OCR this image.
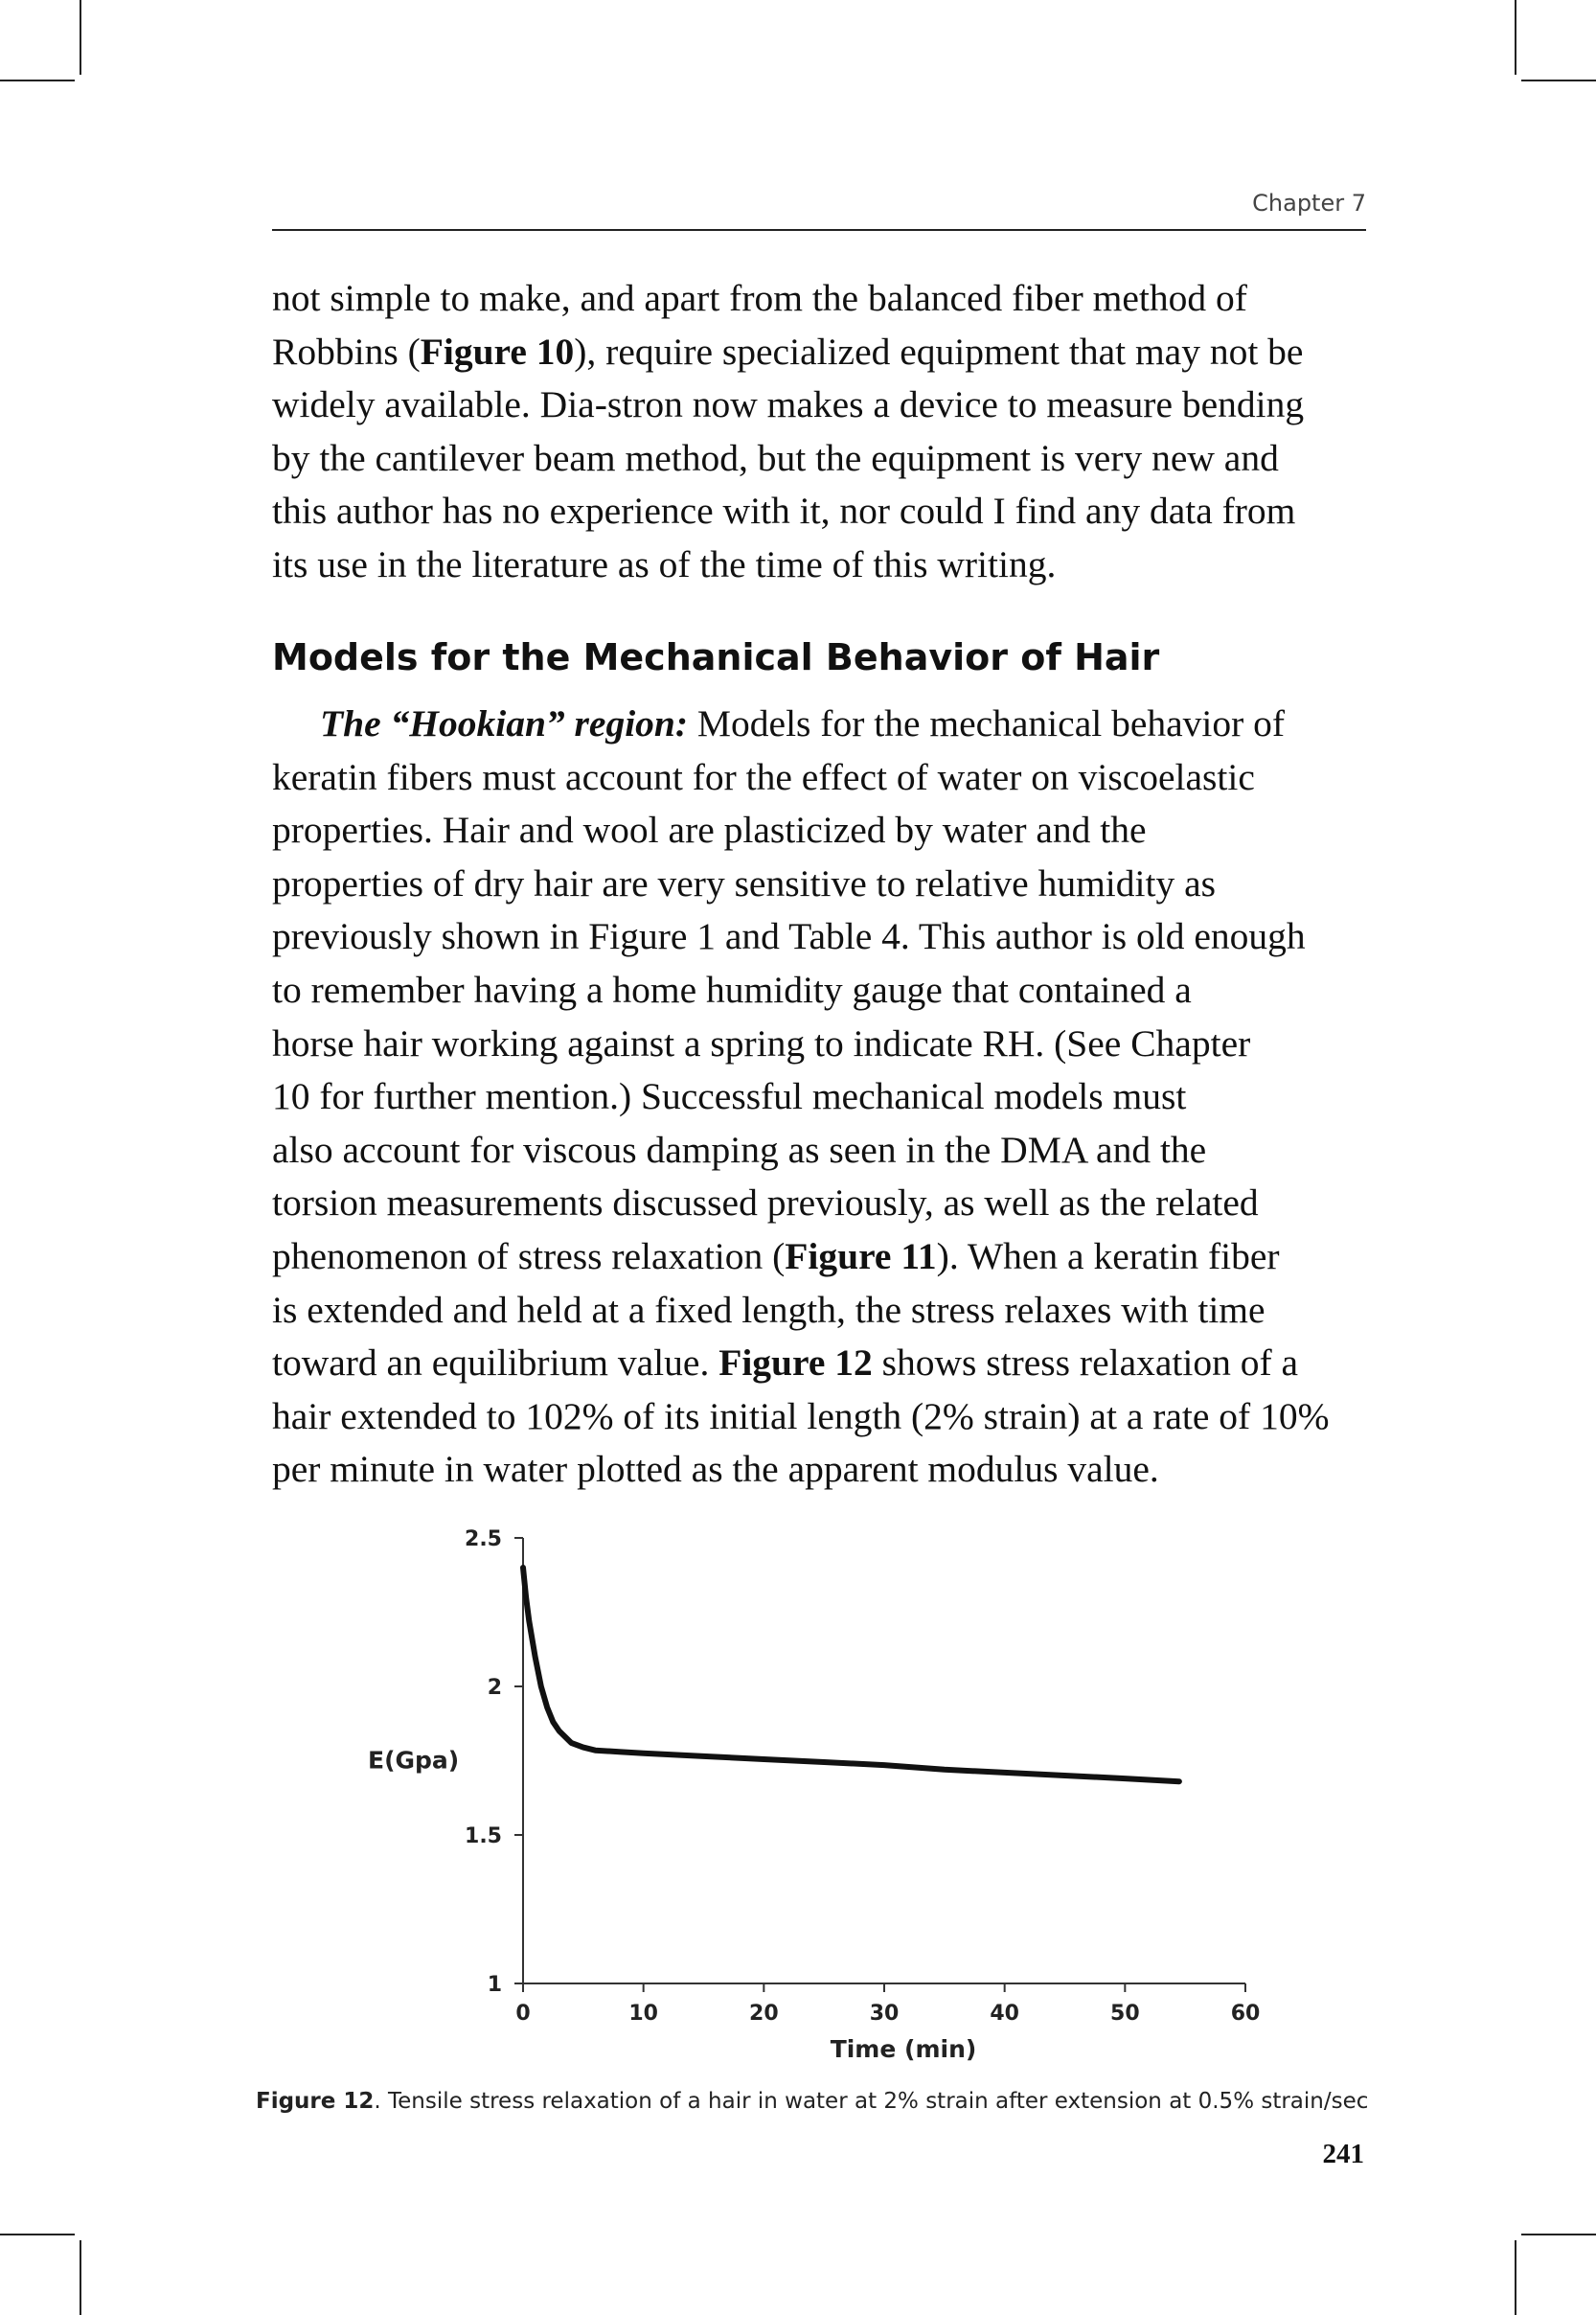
Chapter 7
not simple to make, and apart from the balanced fiber method of
Robbins (Figure 10), require specialized equipment that may not be
widely available. Dia-stron now makes a device to measure bending
by the cantilever beam method, but the equipment is very new and
this author has no experience with it, nor could I find any data from
its use in the literature as of the time of this writing.
Models for the Mechanical Behavior of Hair
The “Hookian” region: Models for the mechanical behavior of
keratin fibers must account for the effect of water on viscoelastic
properties. Hair and wool are plasticized by water and the
properties of dry hair are very sensitive to relative humidity as
previously shown in Figure 1 and Table 4. This author is old enough
to remember having a home humidity gauge that contained a
horse hair working against a spring to indicate RH. (See Chapter
10 for further mention.) Successful mechanical models must
also account for viscous damping as seen in the DMA and the
torsion measurements discussed previously, as well as the related
phenomenon of stress relaxation (Figure 11). When a keratin fiber
is extended and held at a fixed length, the stress relaxes with time
toward an equilibrium value. Figure 12 shows stress relaxation of a
hair extended to 102% of its initial length (2% strain) at a rate of 10%
per minute in water plotted as the apparent modulus value.
1
1.5
2
2.5
0	10	20	30	40	50	60
Time (min)
E(Gpa)
Figure 12. Tensile stress relaxation of a hair in water at 2% strain after extension at 0.5% strain/sec
241
